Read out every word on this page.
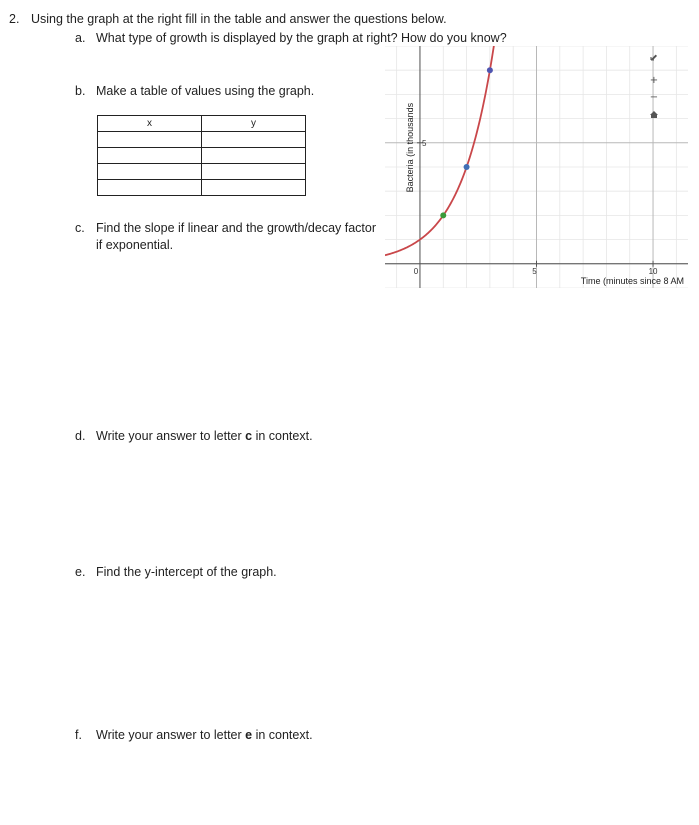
2. Using the graph at the right fill in the table and answer the questions below.
a. What type of growth is displayed by the graph at right? How do you know?
b. Make a table of values using the graph.
x	y

c. Find the slope if linear and the growth/decay factor
if exponential.
d. Write your answer to letter c in context.
e. Find the y-intercept of the graph.
f. Write your answer to letter e in context.
0	5	10
5
Time (minutes since 8 AM
Bacteria (in thousands
+
−
